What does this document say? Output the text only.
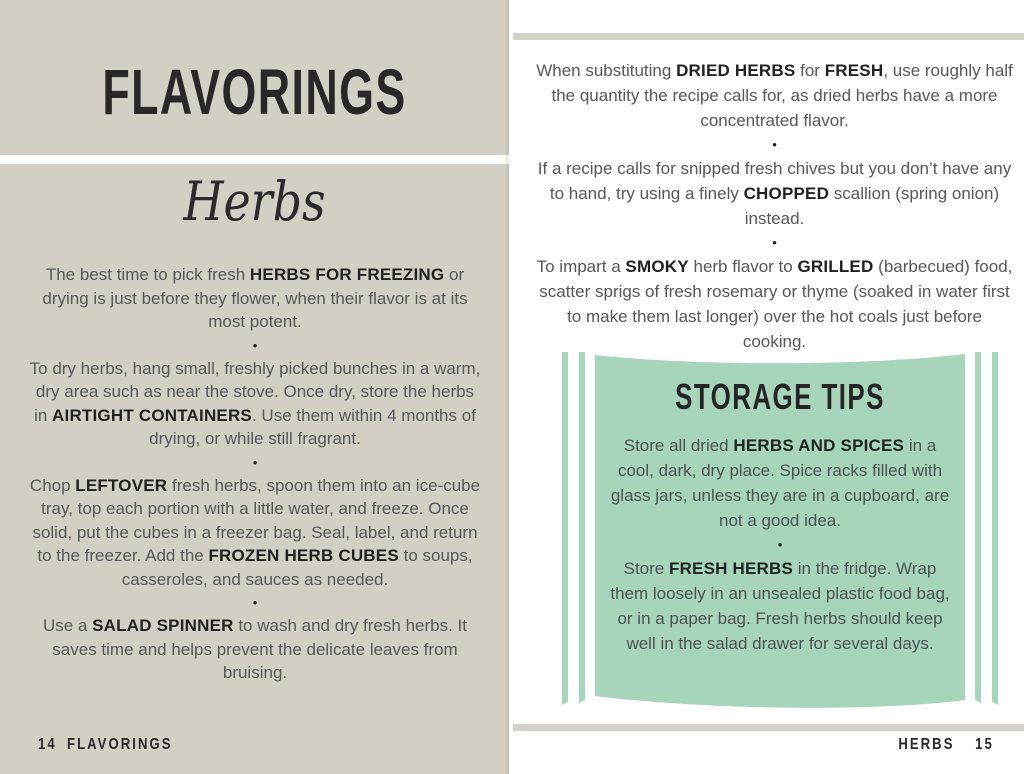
FLAVORINGS
Herbs

The best time to pick fresh HERBS FOR FREEZING or drying is just before they flower, when their flavor is at its most potent.

•

To dry herbs, hang small, freshly picked bunches in a warm, dry area such as near the stove. Once dry, store the herbs in AIRTIGHT CONTAINERS. Use them within 4 months of drying, or while still fragrant.

•

Chop LEFTOVER fresh herbs, spoon them into an ice-cube tray, top each portion with a little water, and freeze. Once solid, put the cubes in a freezer bag. Seal, label, and return to the freezer. Add the FROZEN HERB CUBES to soups, casseroles, and sauces as needed.

•

Use a SALAD SPINNER to wash and dry fresh herbs. It saves time and helps prevent the delicate leaves from bruising.

14 FLAVORINGS

When substituting DRIED HERBS for FRESH, use roughly half the quantity the recipe calls for, as dried herbs have a more concentrated flavor.

•

If a recipe calls for snipped fresh chives but you don’t have any to hand, try using a finely CHOPPED scallion (spring onion) instead.

•

To impart a SMOKY herb flavor to GRILLED (barbecued) food, scatter sprigs of fresh rosemary or thyme (soaked in water first to make them last longer) over the hot coals just before cooking.

STORAGE TIPS

Store all dried HERBS AND SPICES in a cool, dark, dry place. Spice racks filled with glass jars, unless they are in a cupboard, are not a good idea.

•

Store FRESH HERBS in the fridge. Wrap them loosely in an unsealed plastic food bag, or in a paper bag. Fresh herbs should keep well in the salad drawer for several days.

HERBS 15
